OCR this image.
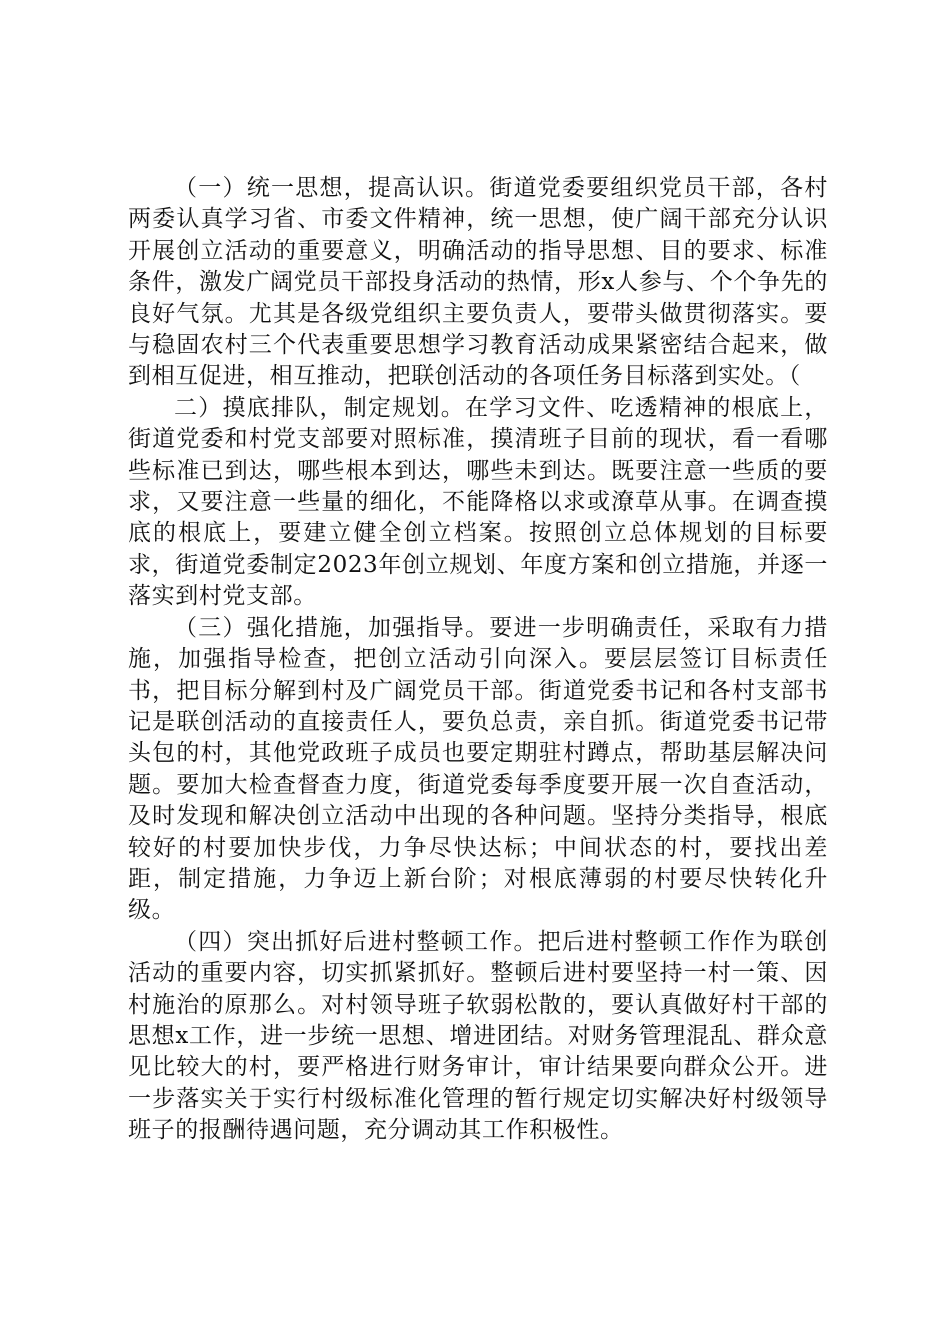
（一）统一思想，提高认识。街道党委要组织党员干部，各村两委认真学习省、市委文件精神，统一思想，使广阔干部充分认识开展创立活动的重要意义，明确活动的指导思想、目的要求、标准条件，激发广阔党员干部投身活动的热情，形x人参与、个个争先的良好气氛。尤其是各级党组织主要负责人，要带头做贯彻落实。要与稳固农村三个代表重要思想学习教育活动成果紧密结合起来，做到相互促进，相互推动，把联创活动的各项任务目标落到实处。（

二）摸底排队，制定规划。在学习文件、吃透精神的根底上，街道党委和村党支部要对照标准，摸清班子目前的现状，看一看哪些标准已到达，哪些根本到达，哪些未到达。既要注意一些质的要求，又要注意一些量的细化，不能降格以求或潦草从事。在调查摸底的根底上，要建立健全创立档案。按照创立总体规划的目标要求，街道党委制定2023年创立规划、年度方案和创立措施，并逐一落实到村党支部。

（三）强化措施，加强指导。要进一步明确责任，采取有力措施，加强指导检查，把创立活动引向深入。要层层签订目标责任书，把目标分解到村及广阔党员干部。街道党委书记和各村支部书记是联创活动的直接责任人，要负总责，亲自抓。街道党委书记带头包的村，其他党政班子成员也要定期驻村蹲点，帮助基层解决问题。要加大检查督查力度，街道党委每季度要开展一次自查活动，及时发现和解决创立活动中出现的各种问题。坚持分类指导，根底较好的村要加快步伐，力争尽快达标；中间状态的村，要找出差距，制定措施，力争迈上新台阶；对根底薄弱的村要尽快转化升级。

（四）突出抓好后进村整顿工作。把后进村整顿工作作为联创活动的重要内容，切实抓紧抓好。整顿后进村要坚持一村一策、因村施治的原那么。对村领导班子软弱松散的，要认真做好村干部的思想x工作，进一步统一思想、增进团结。对财务管理混乱、群众意见比较大的村，要严格进行财务审计，审计结果要向群众公开。进一步落实关于实行村级标准化管理的暂行规定切实解决好村级领导班子的报酬待遇问题，充分调动其工作积极性。
